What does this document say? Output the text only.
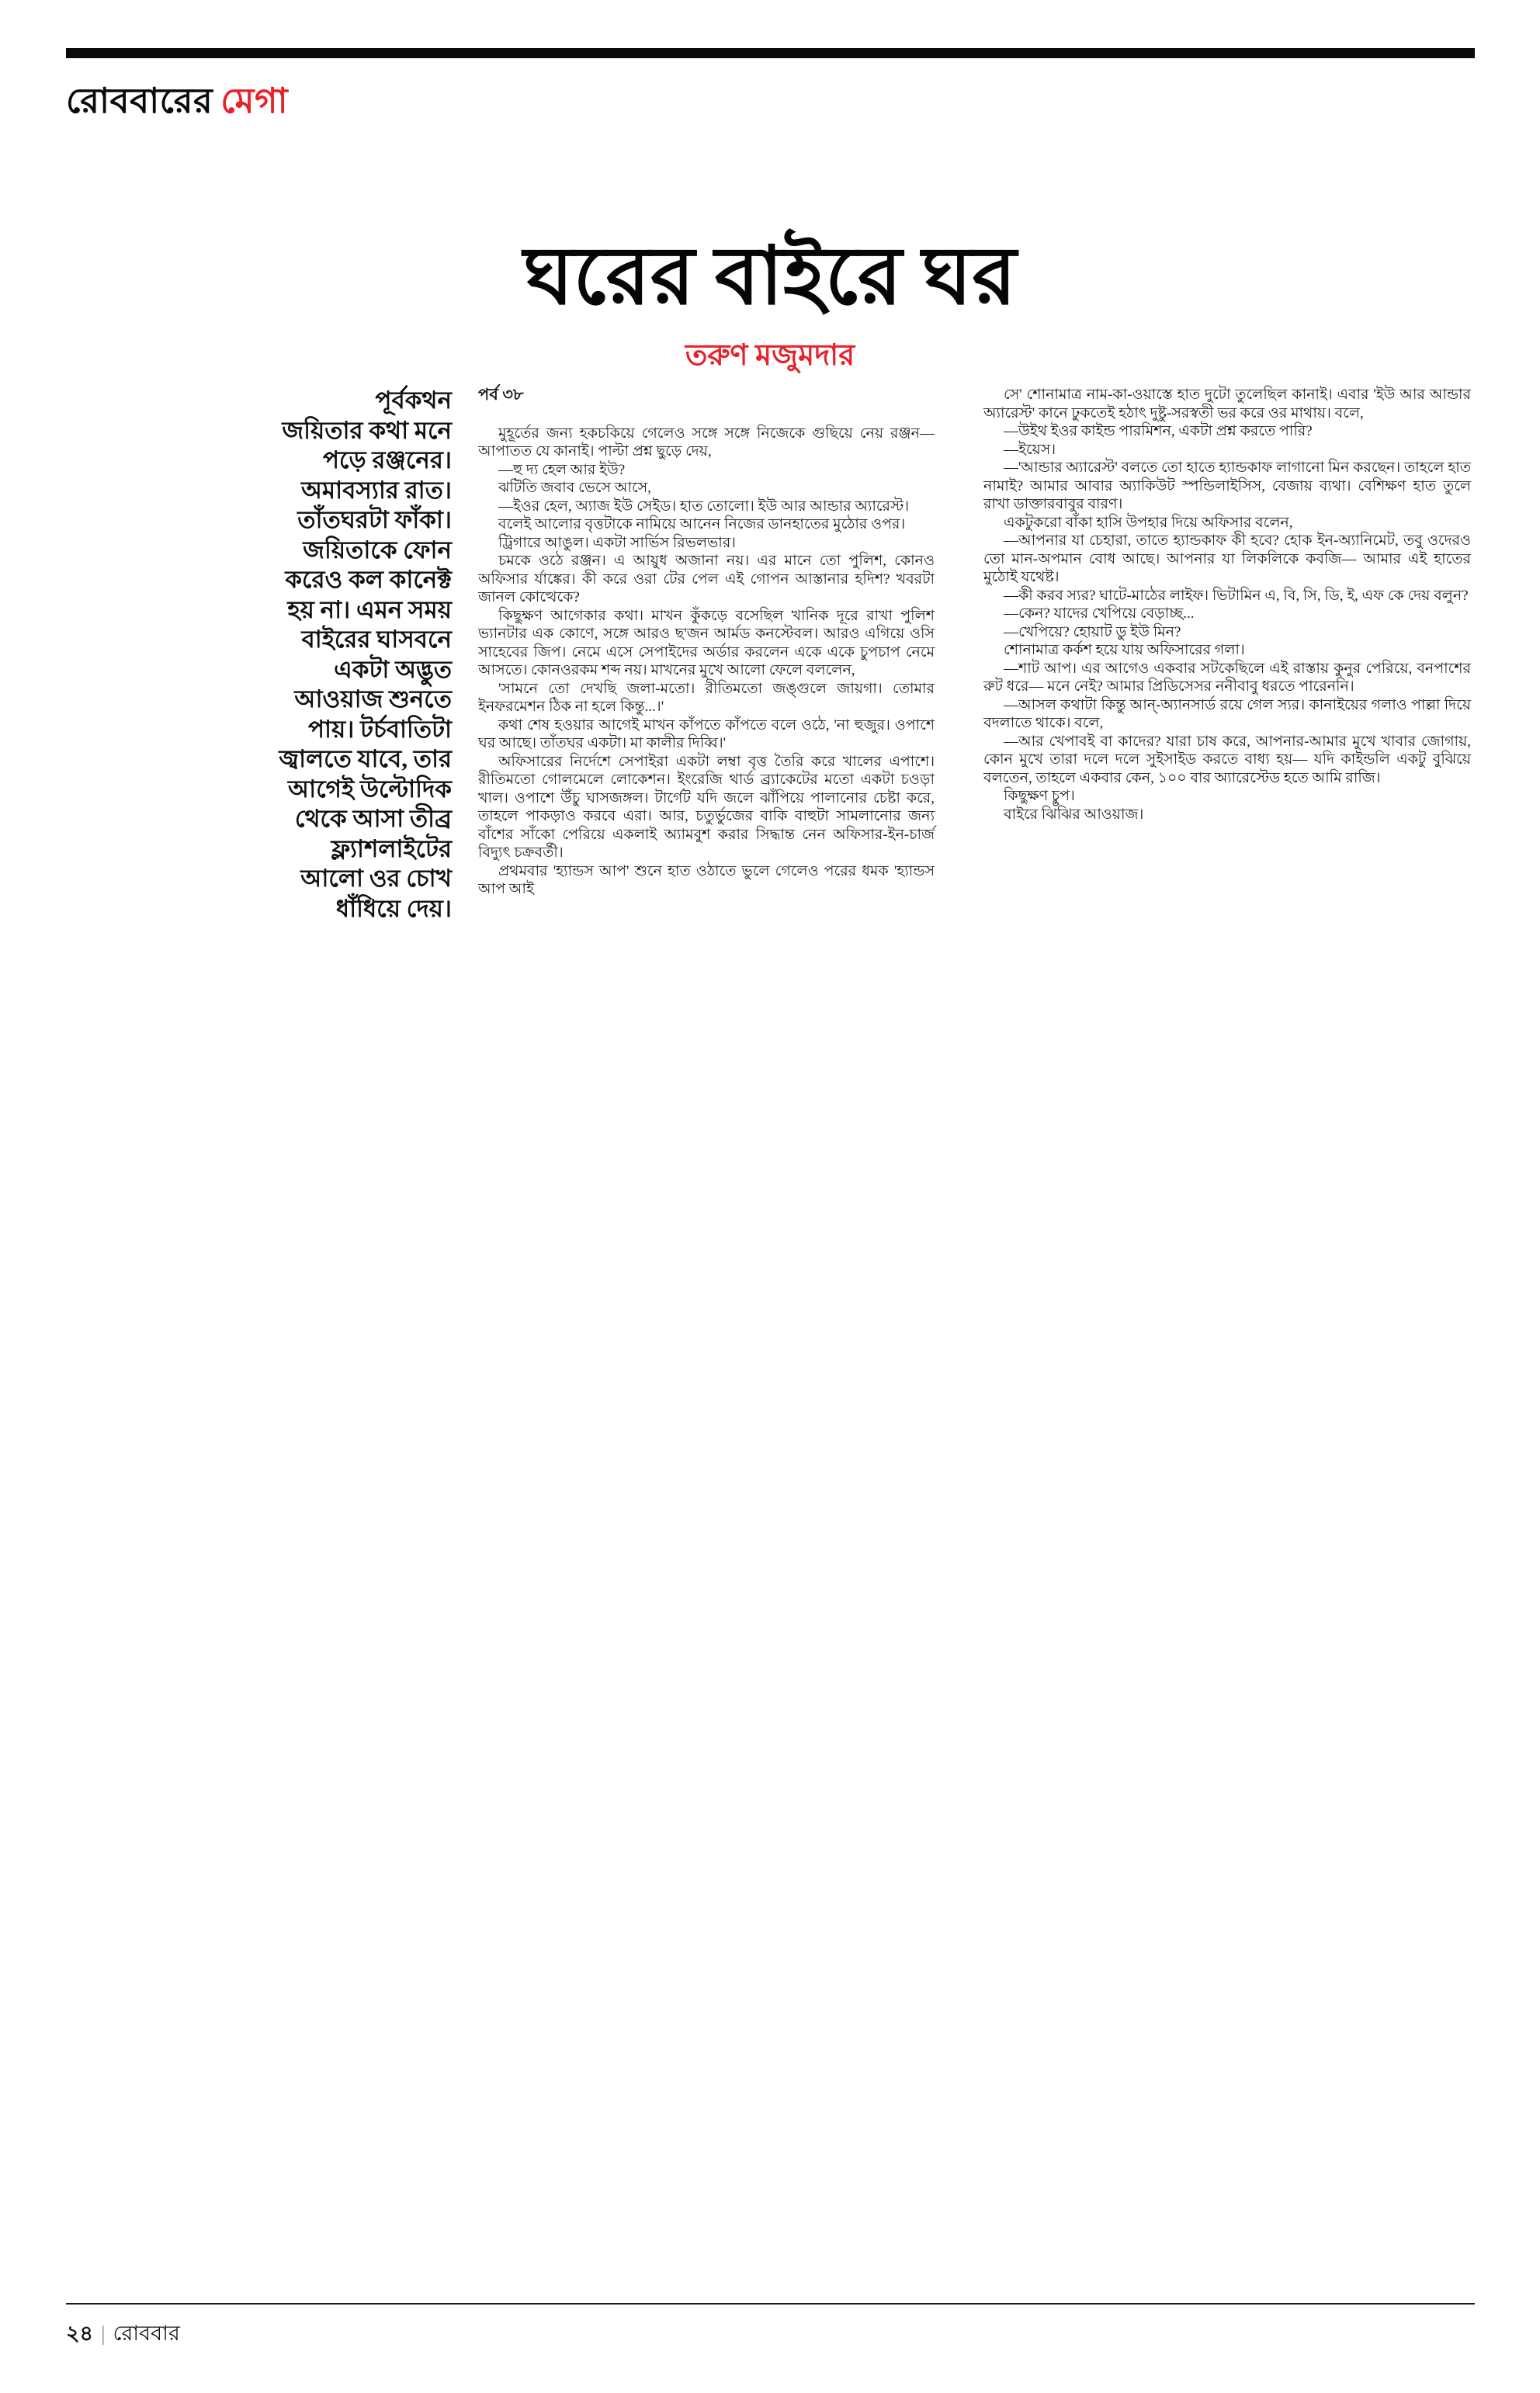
রোববারের মেগা
ঘরের বাইরে ঘর
তরুণ মজুমদার
পূর্বকথন
জয়িতার কথা মনে
পড়ে রঞ্জনের।
অমাবস্যার রাত।
তাঁতঘরটা ফাঁকা।
জয়িতাকে ফোন
করেও কল কানেক্ট
হয় না। এমন সময়
বাইরের ঘাসবনে
একটা অদ্ভুত
আওয়াজ শুনতে
পায়। টর্চবাতিটা
জ্বালতে যাবে, তার
আগেই উল্টোদিক
থেকে আসা তীব্র
ফ্ল্যাশলাইটের
আলো ওর চোখ
ধাঁধিয়ে দেয়।
পর্ব ৩৮

মুহূর্তের জন্য হকচকিয়ে গেলেও সঙ্গে সঙ্গে নিজেকে গুছিয়ে নেয় রঞ্জন— আপাতত যে কানাই। পাল্টা প্রশ্ন ছুড়ে দেয়,

—হু দ্য হেল আর ইউ?

ঝটিতি জবাব ভেসে আসে,

—ইওর হেল, অ্যাজ ইউ সেইড। হাত তোলো। ইউ আর আন্ডার অ্যারেস্ট।

বলেই আলোর বৃত্তটাকে নামিয়ে আনেন নিজের ডানহাতের মুঠোর ওপর।

ট্রিগারে আঙুল। একটা সার্ভিস রিভলভার।

চমকে ওঠে রঞ্জন। এ আয়ুধ অজানা নয়। এর মানে তো পুলিশ, কোনও অফিসার র্যাঙ্কের। কী করে ওরা টের পেল এই গোপন আস্তানার হদিশ? খবরটা জানল কোত্থেকে?

কিছুক্ষণ আগেকার কথা। মাখন কুঁকড়ে বসেছিল খানিক দূরে রাখা পুলিশ ভ্যানটার এক কোণে, সঙ্গে আরও ছ'জন আর্মড কনস্টেবল। আরও এগিয়ে ওসি সাহেবের জিপ। নেমে এসে সেপাইদের অর্ডার করলেন একে একে চুপচাপ নেমে আসতে। কোনওরকম শব্দ নয়। মাখনের মুখে আলো ফেলে বললেন,

'সামনে তো দেখছি জলা-মতো। রীতিমতো জঙ্গুলে জায়গা। তোমার ইনফরমেশন ঠিক না হলে কিন্তু...।'

কথা শেষ হওয়ার আগেই মাখন কাঁপতে কাঁপতে বলে ওঠে, 'না হুজুর। ওপাশে ঘর আছে। তাঁতঘর একটা। মা কালীর দিব্বি।'

অফিসারের নির্দেশে সেপাইরা একটা লম্বা বৃত্ত তৈরি করে খালের এপাশে। রীতিমতো গোলমেলে লোকেশন। ইংরেজি থার্ড ব্র্যাকেটের মতো একটা চওড়া খাল। ওপাশে উঁচু ঘাসজঙ্গল। টার্গেট যদি জলে ঝাঁপিয়ে পালানোর চেষ্টা করে, তাহলে পাকড়াও করবে এরা। আর, চতুর্ভুজের বাকি বাহুটা সামলানোর জন্য বাঁশের সাঁকো পেরিয়ে একলাই অ্যামবুশ করার সিদ্ধান্ত নেন অফিসার-ইন-চার্জ বিদ্যুৎ চক্রবর্তী।

প্রথমবার 'হ্যান্ডস আপ' শুনে হাত ওঠাতে ভুলে গেলেও পরের ধমক 'হ্যান্ডস আপ আই

সে' শোনামাত্র নাম-কা-ওয়াস্তে হাত দুটো তুলেছিল কানাই। এবার 'ইউ আর আন্ডার অ্যারেস্ট' কানে ঢুকতেই হঠাৎ দুষ্টু-সরস্বতী ভর করে ওর মাথায়। বলে,

—উইথ ইওর কাইন্ড পারমিশন, একটা প্রশ্ন করতে পারি?

—ইয়েস।

—'আন্ডার অ্যারেস্ট' বলতে তো হাতে হ্যান্ডকাফ লাগানো মিন করছেন। তাহলে হাত নামাই? আমার আবার অ্যাকিউট স্পন্ডিলাইসিস, বেজায় ব্যথা। বেশিক্ষণ হাত তুলে রাখা ডাক্তারবাবুর বারণ।

একটুকরো বাঁকা হাসি উপহার দিয়ে অফিসার বলেন,

—আপনার যা চেহারা, তাতে হ্যান্ডকাফ কী হবে? হোক ইন-অ্যানিমেট, তবু ওদেরও তো মান-অপমান বোধ আছে। আপনার যা লিকলিকে কবজি— আমার এই হাতের মুঠোই যথেষ্ট।

—কী করব স্যর? ঘাটে-মাঠের লাইফ। ভিটামিন এ, বি, সি, ডি, ই, এফ কে দেয় বলুন?

—কেন? যাদের খেপিয়ে বেড়াচ্ছ...

—খেপিয়ে? হোয়াট ডু ইউ মিন?

শোনামাত্র কর্কশ হয়ে যায় অফিসারের গলা।

—শাট আপ। এর আগেও একবার সটকেছিলে এই রাস্তায় কুনুর পেরিয়ে, বনপাশের রুট ধরে— মনে নেই? আমার প্রিডিসেসর ননীবাবু ধরতে পারেননি।

—আসল কথাটা কিন্তু আন্-অ্যানসার্ড রয়ে গেল স্যর। কানাইয়ের গলাও পাল্লা দিয়ে বদলাতে থাকে। বলে,

—আর খেপাবই বা কাদের? যারা চাষ করে, আপনার-আমার মুখে খাবার জোগায়, কোন মুখে তারা দলে দলে সুইসাইড করতে বাধ্য হয়— যদি কাইন্ডলি একটু বুঝিয়ে বলতেন, তাহলে একবার কেন, ১০০ বার অ্যারেস্টেড হতে আমি রাজি।

কিছুক্ষণ চুপ।

বাইরে ঝিঁঝির আওয়াজ।

২৪ | রোববার
